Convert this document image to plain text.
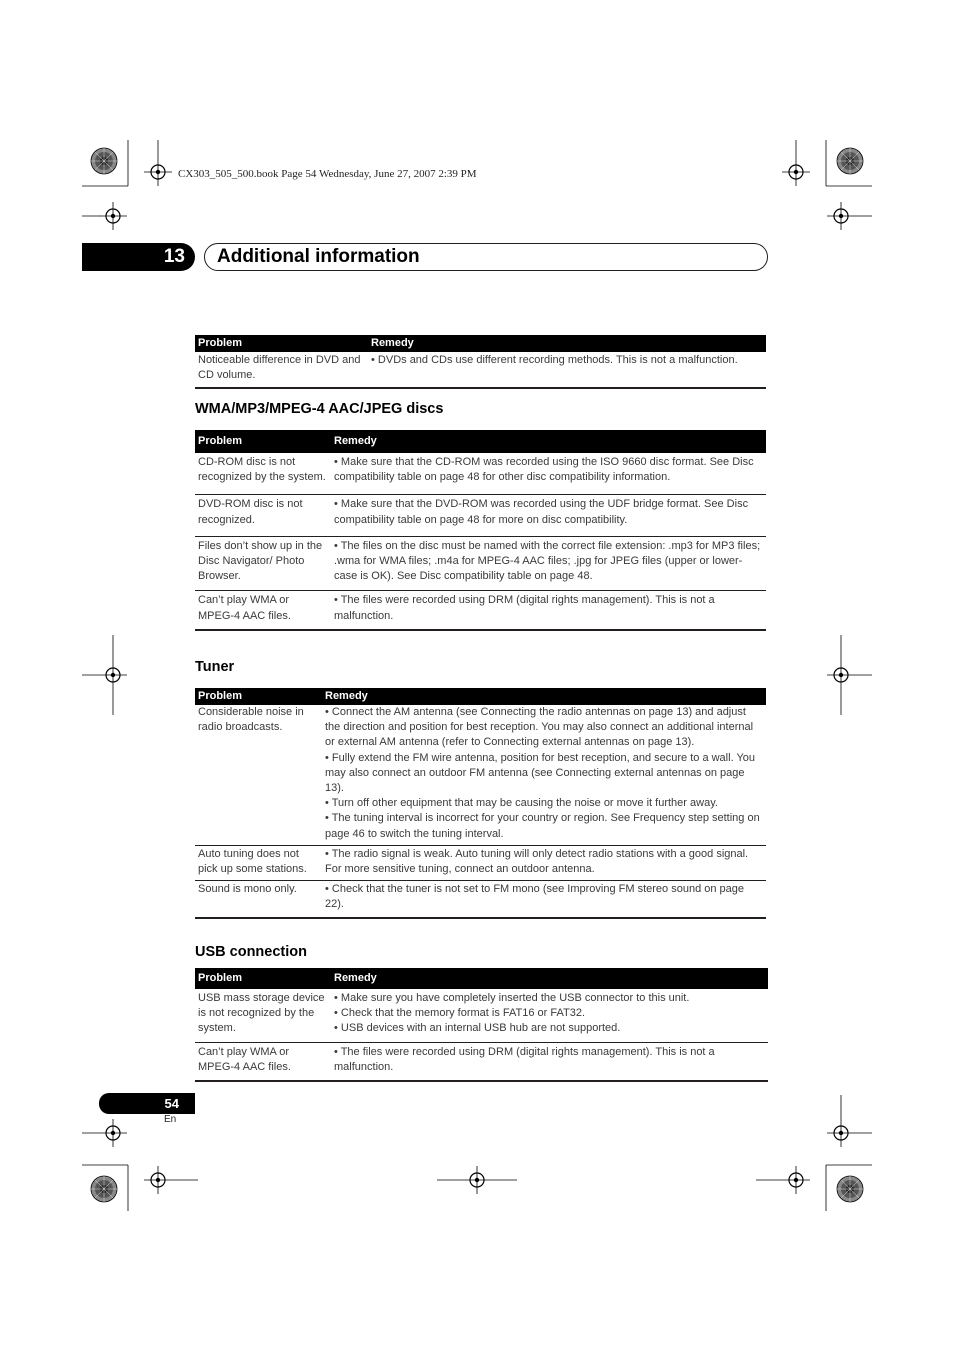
CX303_505_500.book Page 54 Wednesday, June 27, 2007 2:39 PM
13	Additional information
Problem	Remedy
Noticeable difference in DVD and CD volume.	• DVDs and CDs use different recording methods. This is not a malfunction.
WMA/MP3/MPEG-4 AAC/JPEG discs
Problem	Remedy
CD-ROM disc is not recognized by the system.	• Make sure that the CD-ROM was recorded using the ISO 9660 disc format. See Disc compatibility table on page 48 for other disc compatibility information.

DVD-ROM disc is not recognized.	• Make sure that the DVD-ROM was recorded using the UDF bridge format. See Disc compatibility table on page 48 for more on disc compatibility.

Files don’t show up in the Disc Navigator/ Photo Browser.	• The files on the disc must be named with the correct file extension: .mp3 for MP3 files; .wma for WMA files; .m4a for MPEG-4 AAC files; .jpg for JPEG files (upper or lower-case is OK). See Disc compatibility table on page 48.

Can’t play WMA or MPEG-4 AAC files.	• The files were recorded using DRM (digital rights management). This is not a malfunction.
Tuner
Problem	Remedy
Considerable noise in radio broadcasts.	• Connect the AM antenna (see Connecting the radio antennas on page 13) and adjust the direction and position for best reception. You may also connect an additional internal or external AM antenna (refer to Connecting external antennas on page 13).
• Fully extend the FM wire antenna, position for best reception, and secure to a wall. You may also connect an outdoor FM antenna (see Connecting external antennas on page 13).
• Turn off other equipment that may be causing the noise or move it further away.
• The tuning interval is incorrect for your country or region. See Frequency step setting on page 46 to switch the tuning interval.

Auto tuning does not pick up some stations.	• The radio signal is weak. Auto tuning will only detect radio stations with a good signal. For more sensitive tuning, connect an outdoor antenna.

Sound is mono only.	• Check that the tuner is not set to FM mono (see Improving FM stereo sound on page 22).
USB connection
Problem	Remedy
USB mass storage device is not recognized by the system.	• Make sure you have completely inserted the USB connector to this unit.
• Check that the memory format is FAT16 or FAT32.
• USB devices with an internal USB hub are not supported.

Can’t play WMA or MPEG-4 AAC files.	• The files were recorded using DRM (digital rights management). This is not a malfunction.
54
En
